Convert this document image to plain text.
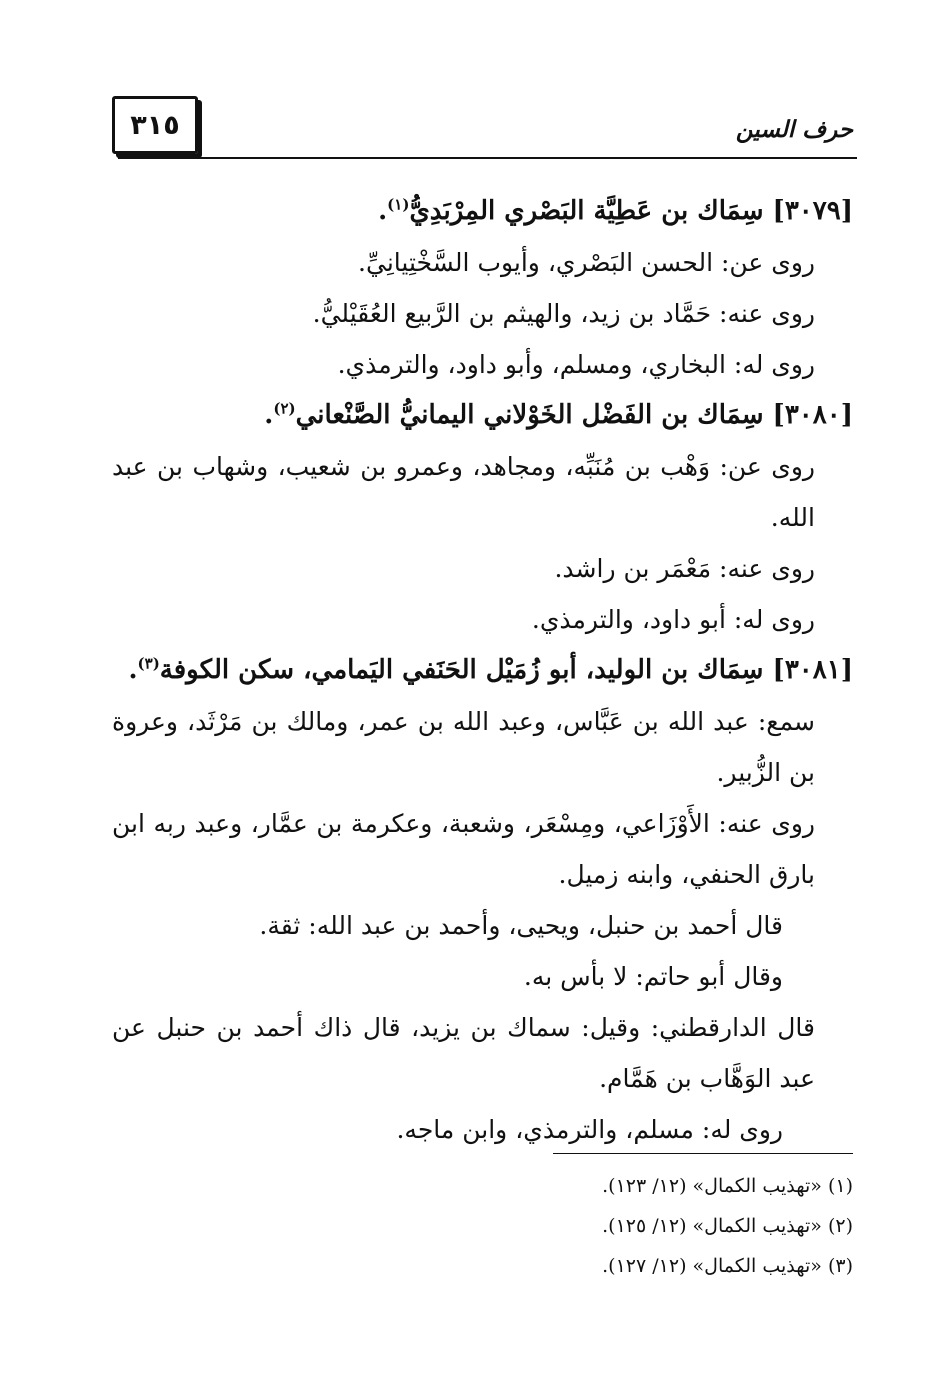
٣١٥	حرف السين
[٣٠٧٩] سِمَاك بن عَطِيَّة البَصْري المِرْبَدِيُّ$^{(١)}$.
روى عن: الحسن البَصْري، وأيوب السَّخْتِيانِيِّ.
روى عنه: حَمَّاد بن زيد، والهيثم بن الرَّبيع العُقَيْليُّ.
روى له: البخاري، ومسلم، وأبو داود، والترمذي.
[٣٠٨٠] سِمَاك بن الفَضْل الخَوْلاني اليمانيُّ الصَّنْعاني$^{(٢)}$.
روى عن: وَهْب بن مُنَبِّه، ومجاهد، وعمرو بن شعيب، وشهاب بن عبد الله.
روى عنه: مَعْمَر بن راشد.
روى له: أبو داود، والترمذي.
[٣٠٨١] سِمَاك بن الوليد، أبو زُمَيْل الحَنَفي اليَمامي، سكن الكوفة$^{(٣)}$.
سمع: عبد الله بن عَبَّاس، وعبد الله بن عمر، ومالك بن مَرْثَد، وعروة بن الزُّبير.
روى عنه: الأَوْزَاعي، ومِسْعَر، وشعبة، وعكرمة بن عمَّار، وعبد ربه ابن بارق الحنفي، وابنه زميل.
قال أحمد بن حنبل، ويحيى، وأحمد بن عبد الله: ثقة.
وقال أبو حاتم: لا بأس به.
قال الدارقطني: وقيل: سماك بن يزيد، قال ذاك أحمد بن حنبل عن عبد الوَهَّاب بن هَمَّام.
روى له: مسلم، والترمذي، وابن ماجه.
(١) «تهذيب الكمال» (١٢/ ١٢٣).
(٢) «تهذيب الكمال» (١٢/ ١٢٥).
(٣) «تهذيب الكمال» (١٢/ ١٢٧).
